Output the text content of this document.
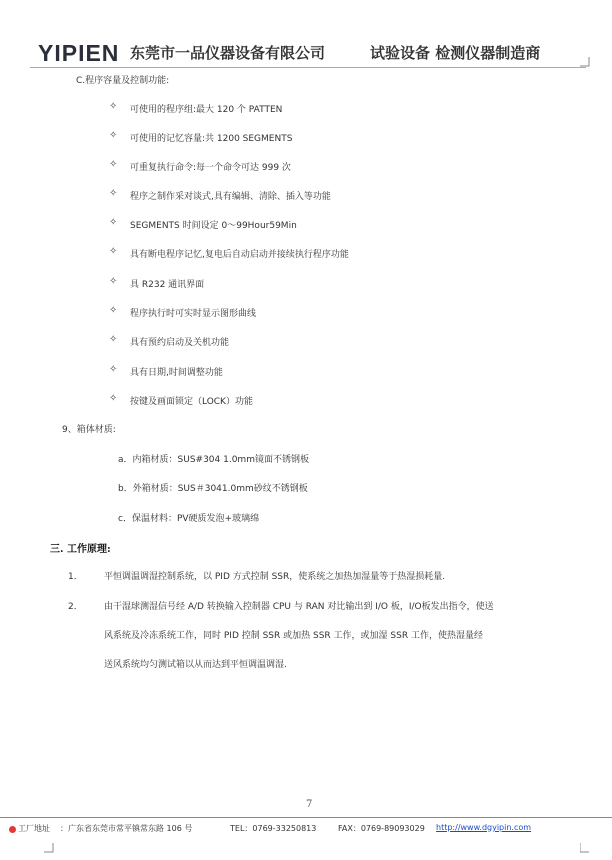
YIPIEN 东莞市一品仪器设备有限公司	试验设备 检测仪器制造商
C.程序容量及控制功能:
✧ 可使用的程序组:最大 120 个 PATTEN
✧ 可使用的记忆容量:共 1200 SEGMENTS
✧ 可重复执行命令:每一个命令可达 999 次
✧ 程序之制作采对谈式,具有编辑、清除、插入等功能
✧ SEGMENTS 时间设定 0～99Hour59Min
✧ 具有断电程序记忆,复电后自动启动并接续执行程序功能
✧ 具 R232 通讯界面
✧ 程序执行时可实时显示图形曲线
✧ 具有预约启动及关机功能
✧ 具有日期,时间调整功能
✧ 按键及画面锁定（LOCK）功能
9、箱体材质:
a．内箱材质：SUS#304 1.0mm镜面不锈钢板
b．外箱材质：SUS＃3041.0mm砂纹不锈钢板
c．保温材料：PV硬质发泡+玻璃绵
三. 工作原理:
1． 平恒调温调湿控制系统，以 PID 方式控制 SSR，使系统之加热加湿量等于热湿损耗量.
2． 由干湿球测湿信号经 A/D 转换输入控制器 CPU 与 RAN 对比输出到 I/O 板，I/O板发出指令，使送
风系统及冷冻系统工作，同时 PID 控制 SSR 或加热 SSR 工作，或加湿 SSR 工作，使热湿量经
送风系统均匀测试箱以从而达到平恒调温调湿.
7
工厂地址 ：广东省东莞市常平镇常东路 106 号	TEL：0769-33250813	FAX：0769-89093029 http://www.dgyipin.com
